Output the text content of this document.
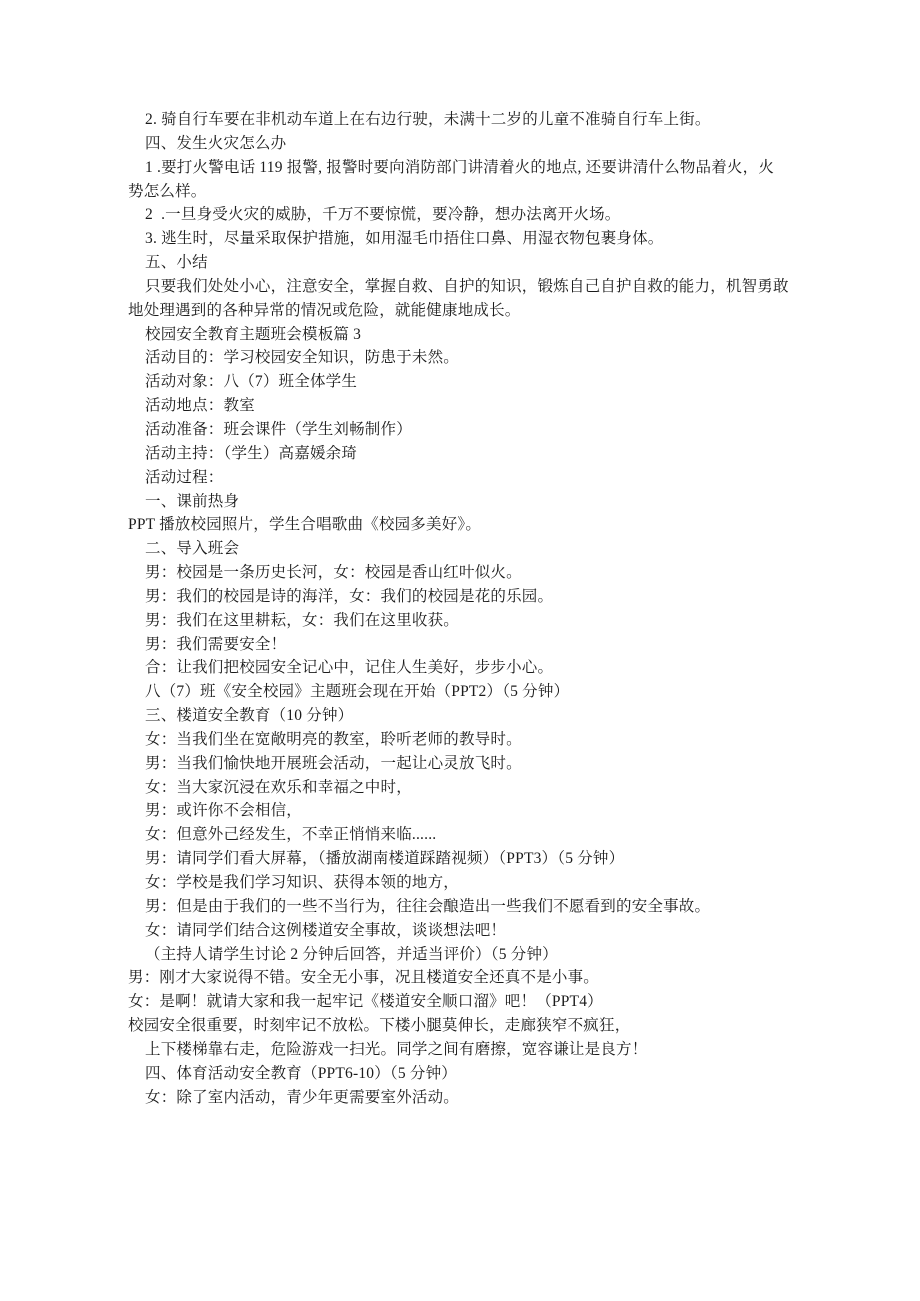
2. 骑自行车要在非机动车道上在右边行驶，未满十二岁的儿童不准骑自行车上街。
四、发生火灾怎么办
1 .要打火警电话 119 报警, 报警时要向消防部门讲清着火的地点, 还要讲清什么物品着火，火
势怎么样。
2  .一旦身受火灾的威胁，千万不要惊慌，要冷静，想办法离开火场。
3. 逃生时，尽量采取保护措施，如用湿毛巾捂住口鼻、用湿衣物包裹身体。
五、小结
只要我们处处小心，注意安全，掌握自救、自护的知识，锻炼自己自护自救的能力，机智勇敢
地处理遇到的各种异常的情况或危险，就能健康地成长。
校园安全教育主题班会模板篇 3
活动目的：学习校园安全知识，防患于未然。
活动对象：八（7）班全体学生
活动地点：教室
活动准备：班会课件（学生刘畅制作）
活动主持：（学生）高嘉媛余琦
活动过程：
一、课前热身
PPT 播放校园照片，学生合唱歌曲《校园多美好》。
二、导入班会
男：校园是一条历史长河，女：校园是香山红叶似火。
男：我们的校园是诗的海洋，女：我们的校园是花的乐园。
男：我们在这里耕耘，女：我们在这里收获。
男：我们需要安全！
合：让我们把校园安全记心中，记住人生美好，步步小心。
八（7）班《安全校园》主题班会现在开始（PPT2）（5 分钟）
三、楼道安全教育（10 分钟）
女：当我们坐在宽敞明亮的教室，聆听老师的教导时。
男：当我们愉快地开展班会活动，一起让心灵放飞时。
女：当大家沉浸在欢乐和幸福之中时，
男：或许你不会相信，
女：但意外己经发生，不幸正悄悄来临......
男：请同学们看大屏幕，（播放湖南楼道踩踏视频）（PPT3）（5 分钟）
女：学校是我们学习知识、获得本领的地方，
男：但是由于我们的一些不当行为，往往会酿造出一些我们不愿看到的安全事故。
女：请同学们结合这例楼道安全事故，谈谈想法吧！
（主持人请学生讨论 2 分钟后回答，并适当评价）（5 分钟）
男：刚才大家说得不错。安全无小事，况且楼道安全还真不是小事。
女：是啊！就请大家和我一起牢记《楼道安全顺口溜》吧！（PPT4）
校园安全很重要，时刻牢记不放松。下楼小腿莫伸长，走廊狭窄不疯狂，
上下楼梯靠右走，危险游戏一扫光。同学之间有磨擦，宽容谦让是良方！
四、体育活动安全教育（PPT6-10）（5 分钟）
女：除了室内活动，青少年更需要室外活动。
